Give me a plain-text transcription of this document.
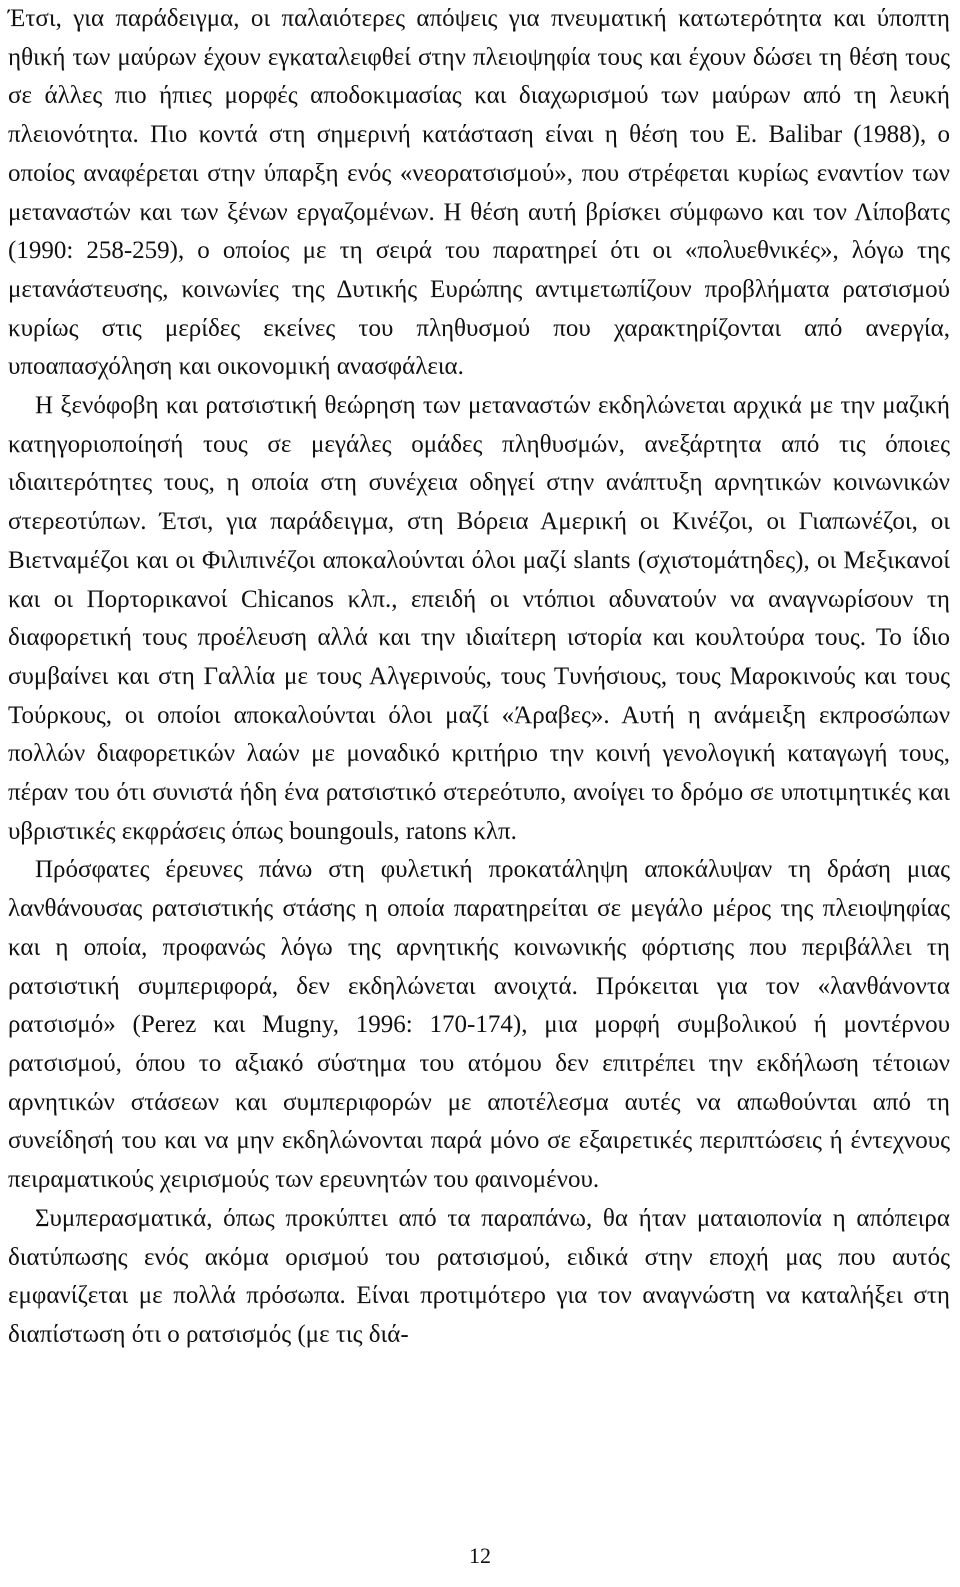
Έτσι, για παράδειγμα, οι παλαιότερες απόψεις για πνευματική κατωτερότητα και ύποπτη ηθική των μαύρων έχουν εγκαταλειφθεί στην πλειοψηφία τους και έχουν δώσει τη θέση τους σε άλλες πιο ήπιες μορφές αποδοκιμασίας και διαχωρισμού των μαύρων από τη λευκή πλειονότητα. Πιο κοντά στη σημερινή κατάσταση είναι η θέση του E. Balibar (1988), ο οποίος αναφέρεται στην ύπαρξη ενός «νεορατσισμού», που στρέφεται κυρίως εναντίον των μεταναστών και των ξένων εργαζομένων. Η θέση αυτή βρίσκει σύμφωνο και τον Λίποβατς (1990: 258-259), ο οποίος με τη σειρά του παρατηρεί ότι οι «πολυεθνικές», λόγω της μετανάστευσης, κοινωνίες της Δυτικής Ευρώπης αντιμετωπίζουν προβλήματα ρατσισμού κυρίως στις μερίδες εκείνες του πληθυσμού που χαρακτηρίζονται από ανεργία, υποαπασχόληση και οικονομική ανασφάλεια.

Η ξενόφοβη και ρατσιστική θεώρηση των μεταναστών εκδηλώνεται αρχικά με την μαζική κατηγοριοποίησή τους σε μεγάλες ομάδες πληθυσμών, ανεξάρτητα από τις όποιες ιδιαιτερότητες τους, η οποία στη συνέχεια οδηγεί στην ανάπτυξη αρνητικών κοινωνικών στερεοτύπων. Έτσι, για παράδειγμα, στη Βόρεια Αμερική οι Κινέζοι, οι Γιαπωνέζοι, οι Βιετναμέζοι και οι Φιλιπινέζοι αποκαλούνται όλοι μαζί slants (σχιστομάτηδες), οι Μεξικανοί και οι Πορτορικανοί Chicanos κλπ., επειδή οι ντόπιοι αδυνατούν να αναγνωρίσουν τη διαφορετική τους προέλευση αλλά και την ιδιαίτερη ιστορία και κουλτούρα τους. Το ίδιο συμβαίνει και στη Γαλλία με τους Αλγερινούς, τους Τυνήσιους, τους Μαροκινούς και τους Τούρκους, οι οποίοι αποκαλούνται όλοι μαζί «Άραβες». Αυτή η ανάμειξη εκπροσώπων πολλών διαφορετικών λαών με μοναδικό κριτήριο την κοινή γενολογική καταγωγή τους, πέραν του ότι συνιστά ήδη ένα ρατσιστικό στερεότυπο, ανοίγει το δρόμο σε υποτιμητικές και υβριστικές εκφράσεις όπως boungouls, ratons κλπ.

Πρόσφατες έρευνες πάνω στη φυλετική προκατάληψη αποκάλυψαν τη δράση μιας λανθάνουσας ρατσιστικής στάσης η οποία παρατηρείται σε μεγάλο μέρος της πλειοψηφίας και η οποία, προφανώς λόγω της αρνητικής κοινωνικής φόρτισης που περιβάλλει τη ρατσιστική συμπεριφορά, δεν εκδηλώνεται ανοιχτά. Πρόκειται για τον «λανθάνοντα ρατσισμό» (Perez και Mugny, 1996: 170-174), μια μορφή συμβολικού ή μοντέρνου ρατσισμού, όπου το αξιακό σύστημα του ατόμου δεν επιτρέπει την εκδήλωση τέτοιων αρνητικών στάσεων και συμπεριφορών με αποτέλεσμα αυτές να απωθούνται από τη συνείδησή του και να μην εκδηλώνονται παρά μόνο σε εξαιρετικές περιπτώσεις ή έντεχνους πειραματικούς χειρισμούς των ερευνητών του φαινομένου.

Συμπερασματικά, όπως προκύπτει από τα παραπάνω, θα ήταν ματαιοπονία η απόπειρα διατύπωσης ενός ακόμα ορισμού του ρατσισμού, ειδικά στην εποχή μας που αυτός εμφανίζεται με πολλά πρόσωπα. Είναι προτιμότερο για τον αναγνώστη να καταλήξει στη διαπίστωση ότι ο ρατσισμός (με τις διά-

12
